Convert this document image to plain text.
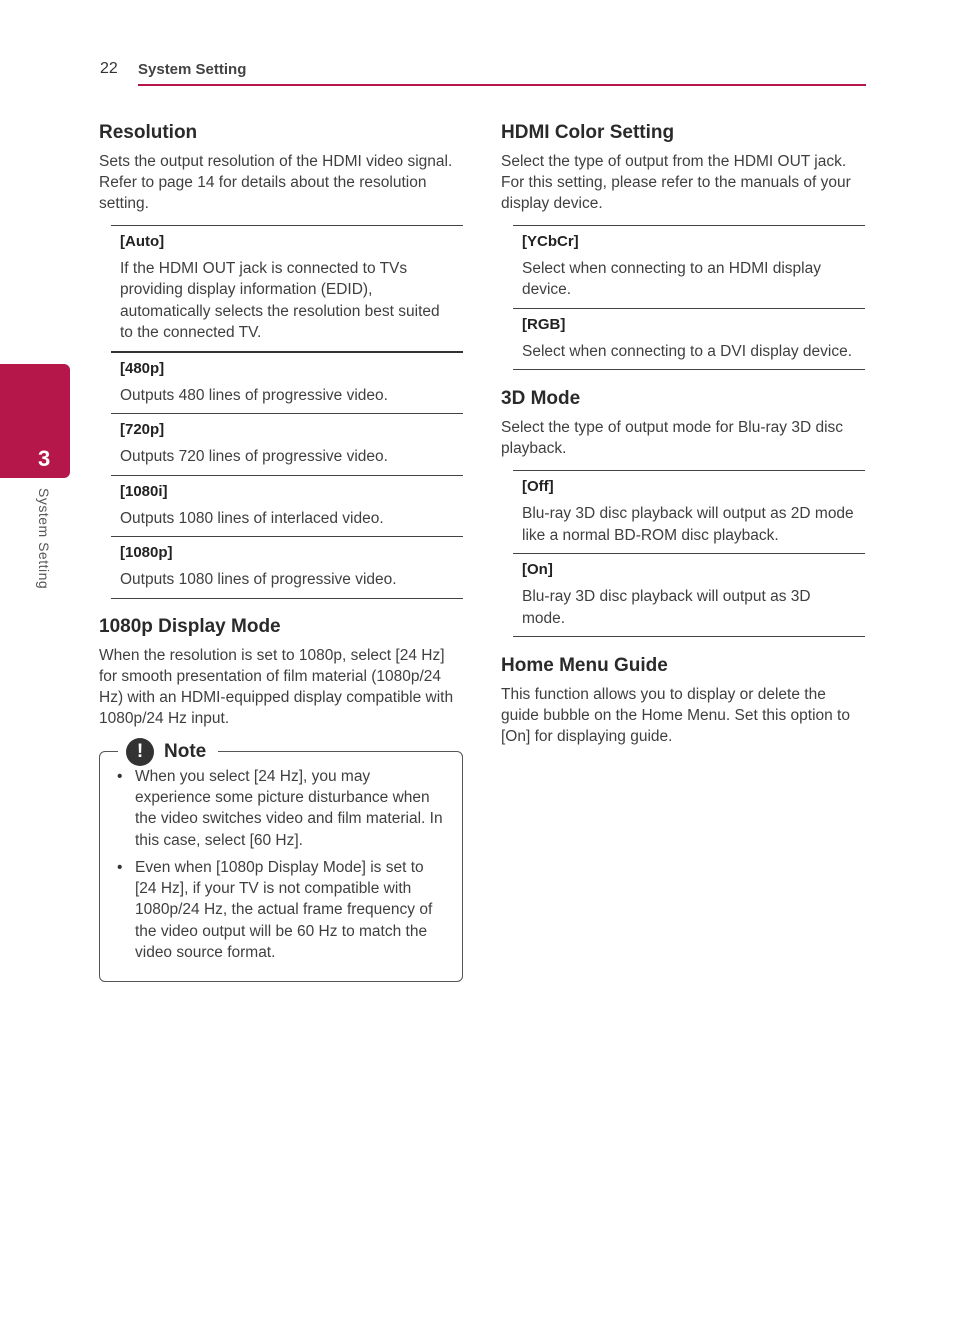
22 System Setting
3
System Setting
Resolution

Sets the output resolution of the HDMI video signal. Refer to page 14 for details about the resolution setting.

[Auto]
If the HDMI OUT jack is connected to TVs providing display information (EDID), automatically selects the resolution best suited to the connected TV.
[480p]
Outputs 480 lines of progressive video.
[720p]
Outputs 720 lines of progressive video.
[1080i]
Outputs 1080 lines of interlaced video.
[1080p]
Outputs 1080 lines of progressive video.
1080p Display Mode

When the resolution is set to 1080p, select [24 Hz] for smooth presentation of film material (1080p/24 Hz) with an HDMI-equipped display compatible with 1080p/24 Hz input.

!	Note
• When you select [24 Hz], you may experience some picture disturbance when the video switches video and film material. In this case, select [60 Hz].
• Even when [1080p Display Mode] is set to [24 Hz], if your TV is not compatible with 1080p/24 Hz, the actual frame frequency of the video output will be 60 Hz to match the video source format.
HDMI Color Setting

Select the type of output from the HDMI OUT jack. For this setting, please refer to the manuals of your display device.

[YCbCr]
Select when connecting to an HDMI display device.
[RGB]
Select when connecting to a DVI display device.
3D Mode

Select the type of output mode for Blu-ray 3D disc playback.

[Off]
Blu-ray 3D disc playback will output as 2D mode like a normal BD-ROM disc playback.
[On]
Blu-ray 3D disc playback will output as 3D mode.
Home Menu Guide

This function allows you to display or delete the guide bubble on the Home Menu. Set this option to [On] for displaying guide.
